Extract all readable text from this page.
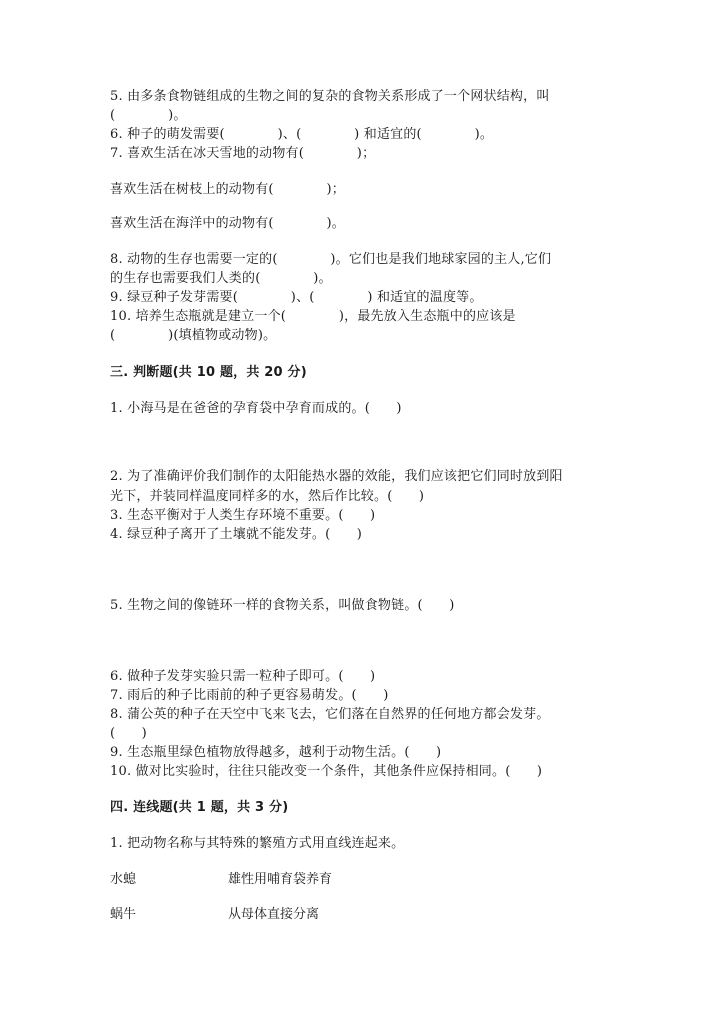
5. 由多条食物链组成的生物之间的复杂的食物关系形成了一个网状结构，叫
(　　　　)。
6. 种子的萌发需要(　　　　)、(　　　　) 和适宜的(　　　　)。
7. 喜欢生活在冰天雪地的动物有(　　　　)；
喜欢生活在树枝上的动物有(　　　　)；
喜欢生活在海洋中的动物有(　　　　)。
8. 动物的生存也需要一定的(　　　　)。它们也是我们地球家园的主人,它们
的生存也需要我们人类的(　　　　)。
9. 绿豆种子发芽需要(　　　　)、(　　　　) 和适宜的温度等。
10. 培养生态瓶就是建立一个(　　　　)，最先放入生态瓶中的应该是
(　　　　)(填植物或动物)。
三. 判断题(共 10 题，共 20 分)
1. 小海马是在爸爸的孕育袋中孕育而成的。(　　)
2. 为了准确评价我们制作的太阳能热水器的效能，我们应该把它们同时放到阳
光下，并装同样温度同样多的水，然后作比较。(　　)
3. 生态平衡对于人类生存环境不重要。(　　)
4. 绿豆种子离开了土壤就不能发芽。(　　)
5. 生物之间的像链环一样的食物关系，叫做食物链。(　　)
6. 做种子发芽实验只需一粒种子即可。(　　)
7. 雨后的种子比雨前的种子更容易萌发。(　　)
8. 蒲公英的种子在天空中飞来飞去，它们落在自然界的任何地方都会发芽。
(　　)
9. 生态瓶里绿色植物放得越多，越利于动物生活。(　　)
10. 做对比实验时，往往只能改变一个条件，其他条件应保持相同。(　　)
四. 连线题(共 1 题，共 3 分)
1. 把动物名称与其特殊的繁殖方式用直线连起来。
水螅	雄性用哺育袋养育
蜗牛	从母体直接分离
